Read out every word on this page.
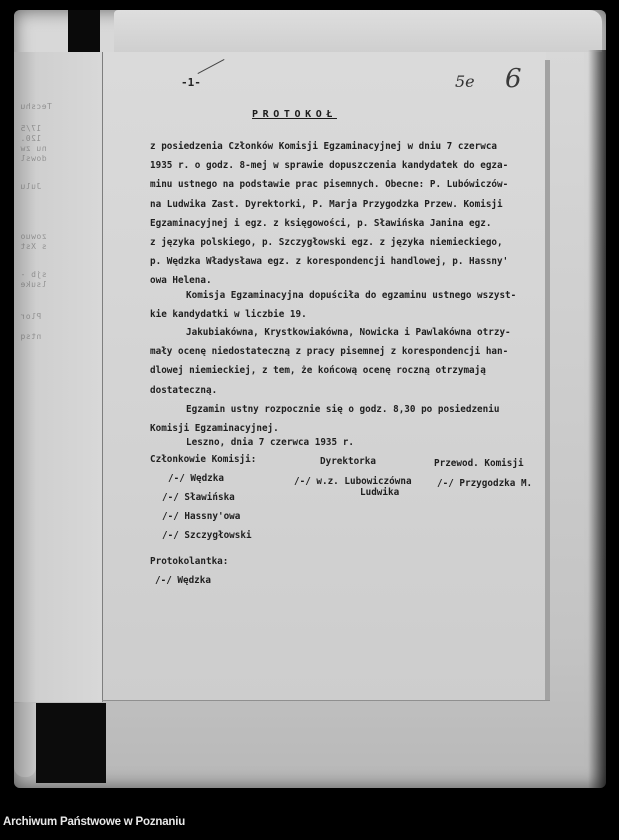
Tecshu
17/5
120.
nu zw
dowsl
Julu
zowuo
s Xst
sjb -
lsuke
Plor
ntsq
-1-	5e 6
PROTOKOŁ
z posiedzenia Członków Komisji Egzaminacyjnej w dniu 7 czerwca
1935 r. o godz. 8-mej w sprawie dopuszczenia kandydatek do egza-
minu ustnego na podstawie prac pisemnych. Obecne: P. Lubówiczów-
na Ludwika Zast. Dyrektorki, P. Marja Przygodzka Przew. Komisji
Egzaminacyjnej i egz. z księgowości, p. Sławińska Janina egz.
z języka polskiego, p. Szczygłowski egz. z języka niemieckiego,
p. Wędzka Władysława egz. z korespondencji handlowej, p. Hassny'
owa Helena.
Komisja Egzaminacyjna dopuściła do egzaminu ustnego wszyst-
kie kandydatki w liczbie 19.
Jakubiakówna, Krystkowiakówna, Nowicka i Pawlakówna otrzy-
mały ocenę niedostateczną z pracy pisemnej z korespondencji han-
dlowej niemieckiej, z tem, że końcową ocenę roczną otrzymają
dostateczną.
Egzamin ustny rozpocznie się o godz. 8,30 po posiedzeniu
Komisji Egzaminacyjnej.
Leszno, dnia 7 czerwca 1935 r.
Członkowie Komisji:
/-/ Wędzka
/-/ Sławińska
/-/ Hassny'owa
/-/ Szczygłowski
Dyrektorka
/-/ w.z. Lubowiczówna
Ludwika
Przewod. Komisji
/-/ Przygodzka M.
Protokolantka:
/-/ Wędzka
Archiwum Państwowe w Poznaniu
